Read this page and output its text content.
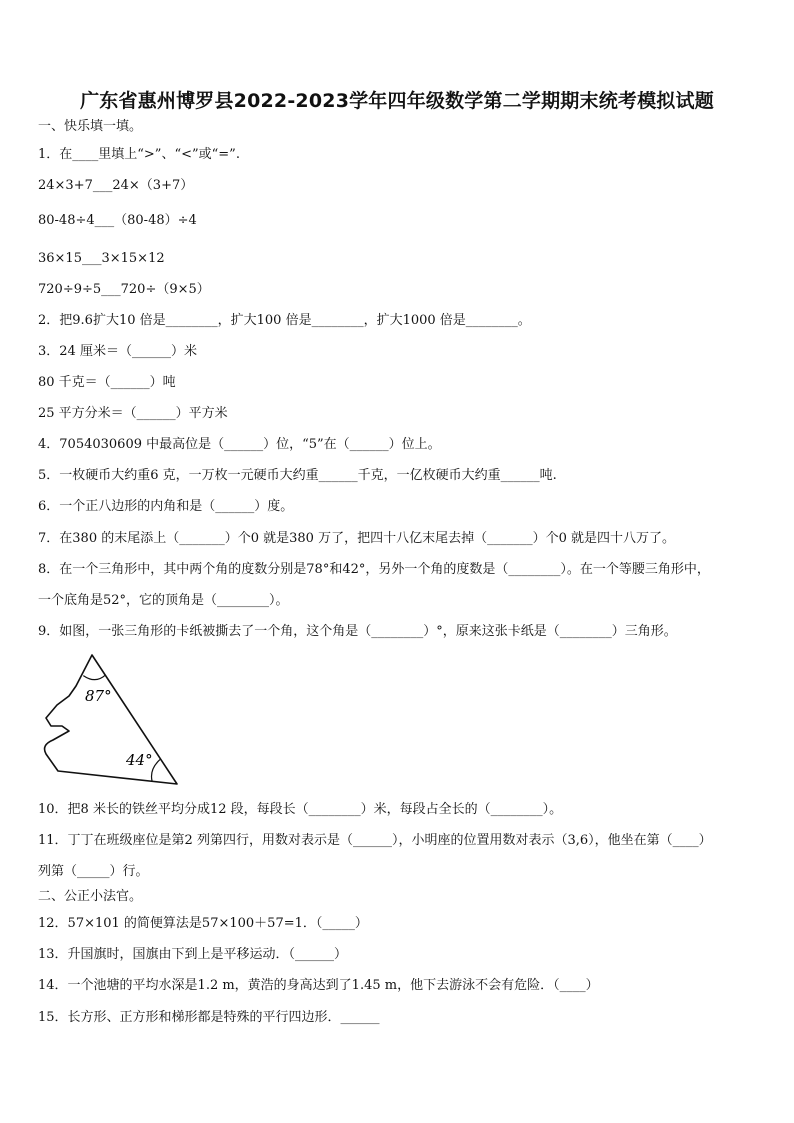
广东省惠州博罗县2022-2023学年四年级数学第二学期期末统考模拟试题
一、快乐填一填。
1．在____里填上“>”、“<”或“=”.
24×3+7___24×（3+7）
80-48÷4___（80-48）÷4
36×15___3×15×12
720÷9÷5___720÷（9×5）
2．把9.6扩大10 倍是________，扩大100 倍是________，扩大1000 倍是________。
3．24 厘米＝（______）米
80 千克＝（______）吨
25 平方分米＝（______）平方米
4．7054030609 中最高位是（______）位，“5”在（______）位上。
5．一枚硬币大约重6 克，一万枚一元硬币大约重______千克，一亿枚硬币大约重______吨.
6．一个正八边形的内角和是（______）度。
7．在380 的末尾添上（_______）个0 就是380 万了，把四十八亿末尾去掉（_______）个0 就是四十八万了。
8．在一个三角形中，其中两个角的度数分别是78°和42°，另外一个角的度数是（________）。在一个等腰三角形中，
一个底角是52°，它的顶角是（________）。
9．如图，一张三角形的卡纸被撕去了一个角，这个角是（________）°，原来这张卡纸是（________）三角形。
87°
44°
10．把8 米长的铁丝平均分成12 段，每段长（________）米，每段占全长的（________）。
11．丁丁在班级座位是第2 列第四行，用数对表示是（______），小明座的位置用数对表示（3,6），他坐在第（____）
列第（_____）行。
二、公正小法官。
12．57×101 的简便算法是57×100＋57=1．（_____）
13．升国旗时，国旗由下到上是平移运动．（______）
14．一个池塘的平均水深是1.2 m，黄浩的身高达到了1.45 m，他下去游泳不会有危险．（____）
15．长方形、正方形和梯形都是特殊的平行四边形．______
